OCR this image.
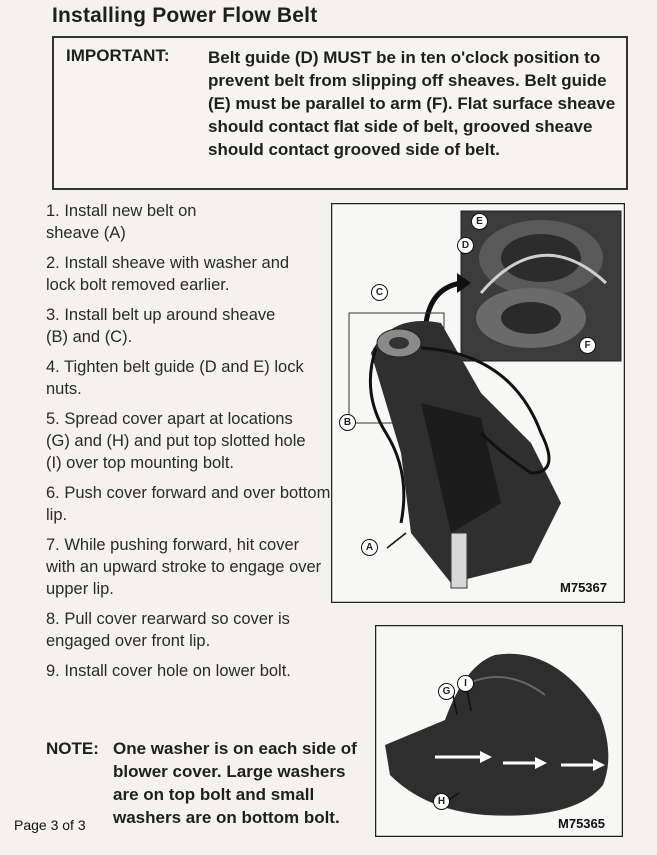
Installing Power Flow Belt
IMPORTANT: Belt guide (D) MUST be in ten o'clock position to prevent belt from slipping off sheaves. Belt guide (E) must be parallel to arm (F). Flat surface sheave should contact flat side of belt, grooved sheave should contact grooved side of belt.
1. Install new belt on sheave (A)
2. Install sheave with washer and lock bolt removed earlier.
3. Install belt up around sheave (B) and (C).
4. Tighten belt guide (D and E) lock nuts.
5. Spread cover apart at locations (G) and (H) and put top slotted hole (I) over top mounting bolt.
6. Push cover forward and over bottom lip.
7. While pushing forward, hit cover with an upward stroke to engage over upper lip.
8. Pull cover rearward so cover is engaged over front lip.
9. Install cover hole on lower bolt.
NOTE: One washer is on each side of blower cover. Large washers are on top bolt and small washers are on bottom bolt.
Page 3 of 3
E
D
F
C
B
A
M75367
G
I
H
M75365
